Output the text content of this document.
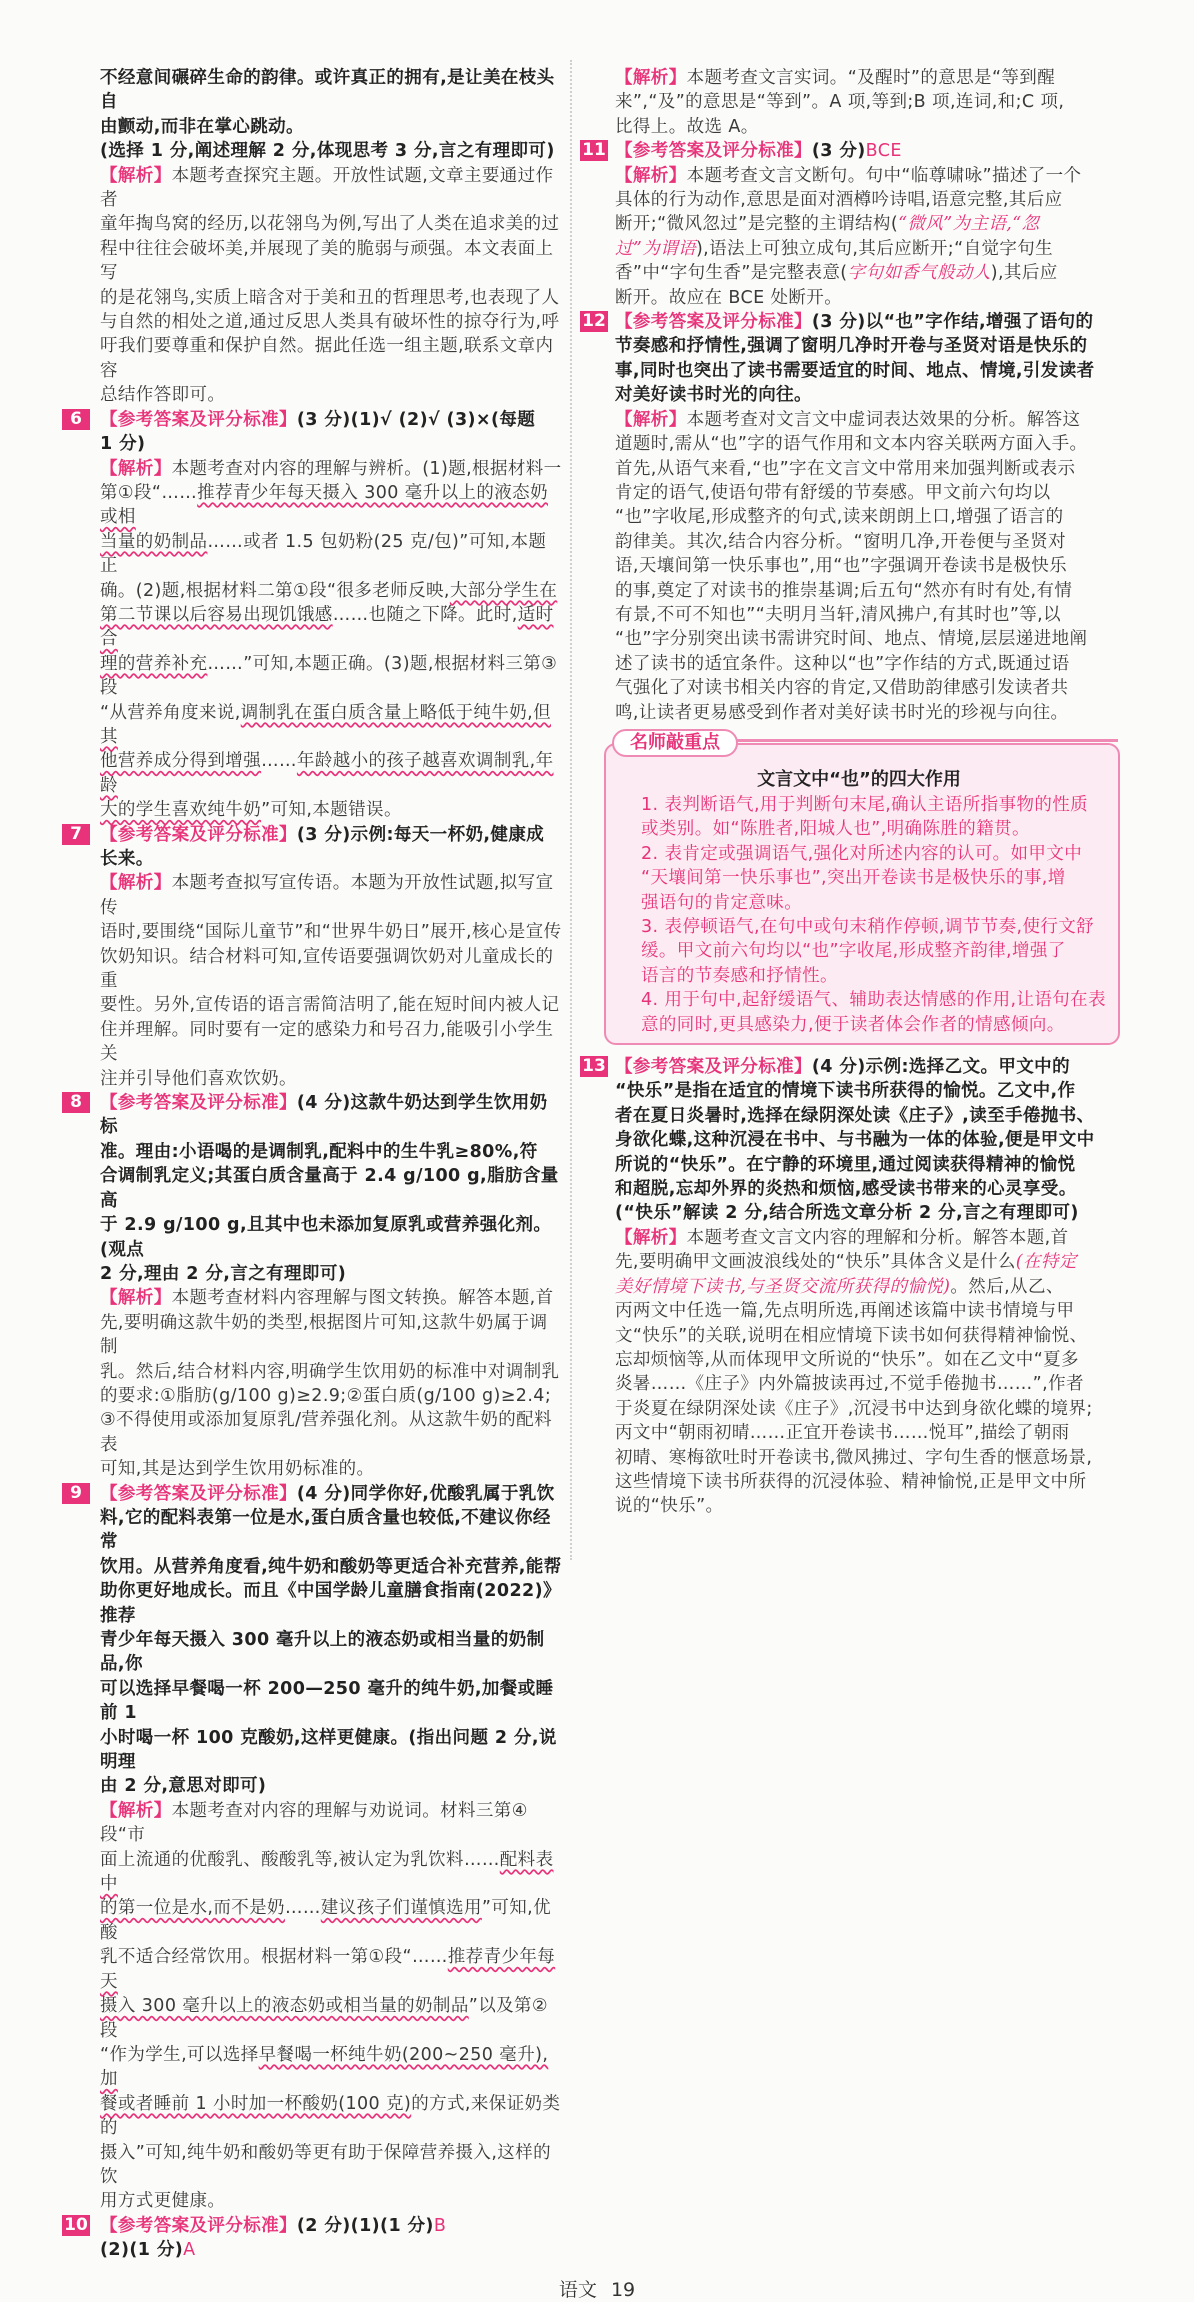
不经意间碾碎生命的韵律。或许真正的拥有,是让美在枝头自
由颤动,而非在掌心跳动。
(选择 1 分,阐述理解 2 分,体现思考 3 分,言之有理即可)
【解析】本题考查探究主题。开放性试题,文章主要通过作者
童年掏鸟窝的经历,以花翎鸟为例,写出了人类在追求美的过
程中往往会破坏美,并展现了美的脆弱与顽强。本文表面上写
的是花翎鸟,实质上暗含对于美和丑的哲理思考,也表现了人
与自然的相处之道,通过反思人类具有破坏性的掠夺行为,呼
吁我们要尊重和保护自然。据此任选一组主题,联系文章内容
总结作答即可。
6	【参考答案及评分标准】(3 分)(1)√ (2)√ (3)×(每题
1 分)
【解析】本题考查对内容的理解与辨析。(1)题,根据材料一
第①段“……推荐青少年每天摄入 300 毫升以上的液态奶或相
当量的奶制品……或者 1.5 包奶粉(25 克/包)”可知,本题正
确。(2)题,根据材料二第①段“很多老师反映,大部分学生在
第二节课以后容易出现饥饿感……也随之下降。此时,适时合
理的营养补充……”可知,本题正确。(3)题,根据材料三第③段
“从营养角度来说,调制乳在蛋白质含量上略低于纯牛奶,但其
他营养成分得到增强……年龄越小的孩子越喜欢调制乳,年龄
大的学生喜欢纯牛奶”可知,本题错误。
7	【参考答案及评分标准】(3 分)示例:每天一杯奶,健康成
长来。
【解析】本题考查拟写宣传语。本题为开放性试题,拟写宣传
语时,要围绕“国际儿童节”和“世界牛奶日”展开,核心是宣传
饮奶知识。结合材料可知,宣传语要强调饮奶对儿童成长的重
要性。另外,宣传语的语言需简洁明了,能在短时间内被人记
住并理解。同时要有一定的感染力和号召力,能吸引小学生关
注并引导他们喜欢饮奶。
8	【参考答案及评分标准】(4 分)这款牛奶达到学生饮用奶标
准。理由:小语喝的是调制乳,配料中的生牛乳≥80%,符
合调制乳定义;其蛋白质含量高于 2.4 g/100 g,脂肪含量高
于 2.9 g/100 g,且其中也未添加复原乳或营养强化剂。(观点
2 分,理由 2 分,言之有理即可)
【解析】本题考查材料内容理解与图文转换。解答本题,首
先,要明确这款牛奶的类型,根据图片可知,这款牛奶属于调制
乳。然后,结合材料内容,明确学生饮用奶的标准中对调制乳
的要求:①脂肪(g/100 g)≥2.9;②蛋白质(g/100 g)≥2.4;
③不得使用或添加复原乳/营养强化剂。从这款牛奶的配料表
可知,其是达到学生饮用奶标准的。
9	【参考答案及评分标准】(4 分)同学你好,优酸乳属于乳饮
料,它的配料表第一位是水,蛋白质含量也较低,不建议你经常
饮用。从营养角度看,纯牛奶和酸奶等更适合补充营养,能帮
助你更好地成长。而且《中国学龄儿童膳食指南(2022)》推荐
青少年每天摄入 300 毫升以上的液态奶或相当量的奶制品,你
可以选择早餐喝一杯 200—250 毫升的纯牛奶,加餐或睡前 1
小时喝一杯 100 克酸奶,这样更健康。(指出问题 2 分,说明理
由 2 分,意思对即可)
【解析】本题考查对内容的理解与劝说词。材料三第④段“市
面上流通的优酸乳、酸酸乳等,被认定为乳饮料……配料表中
的第一位是水,而不是奶……建议孩子们谨慎选用”可知,优酸
乳不适合经常饮用。根据材料一第①段“……推荐青少年每天
摄入 300 毫升以上的液态奶或相当量的奶制品”以及第②段
“作为学生,可以选择早餐喝一杯纯牛奶(200~250 毫升),加
餐或者睡前 1 小时加一杯酸奶(100 克)的方式,来保证奶类的
摄入”可知,纯牛奶和酸奶等更有助于保障营养摄入,这样的饮
用方式更健康。
10 【参考答案及评分标准】(2 分)(1)(1 分)B
(2)(1 分)A
【解析】本题考查文言实词。“及醒时”的意思是“等到醒
来”,“及”的意思是“等到”。A 项,等到;B 项,连词,和;C 项,
比得上。故选 A。
11 【参考答案及评分标准】(3 分)BCE
【解析】本题考查文言文断句。句中“临尊啸咏”描述了一个
具体的行为动作,意思是面对酒樽吟诗唱,语意完整,其后应
断开;“微风忽过”是完整的主谓结构(“微风”为主语,“忽
过”为谓语),语法上可独立成句,其后应断开;“自觉字句生
香”中“字句生香”是完整表意(字句如香气般动人),其后应
断开。故应在 BCE 处断开。
12 【参考答案及评分标准】(3 分)以“也”字作结,增强了语句的
节奏感和抒情性,强调了窗明几净时开卷与圣贤对语是快乐的
事,同时也突出了读书需要适宜的时间、地点、情境,引发读者
对美好读书时光的向往。
【解析】本题考查对文言文中虚词表达效果的分析。解答这
道题时,需从“也”字的语气作用和文本内容关联两方面入手。
首先,从语气来看,“也”字在文言文中常用来加强判断或表示
肯定的语气,使语句带有舒缓的节奏感。甲文前六句均以
“也”字收尾,形成整齐的句式,读来朗朗上口,增强了语言的
韵律美。其次,结合内容分析。“窗明几净,开卷便与圣贤对
语,天壤间第一快乐事也”,用“也”字强调开卷读书是极快乐
的事,奠定了对读书的推崇基调;后五句“然亦有时有处,有情
有景,不可不知也”“夫明月当轩,清风拂户,有其时也”等,以
“也”字分别突出读书需讲究时间、地点、情境,层层递进地阐
述了读书的适宜条件。这种以“也”字作结的方式,既通过语
气强化了对读书相关内容的肯定,又借助韵律感引发读者共
鸣,让读者更易感受到作者对美好读书时光的珍视与向往。
名师敲重点
文言文中“也”的四大作用
1. 表判断语气,用于判断句末尾,确认主语所指事物的性质
或类别。如“陈胜者,阳城人也”,明确陈胜的籍贯。
2. 表肯定或强调语气,强化对所述内容的认可。如甲文中
“天壤间第一快乐事也”,突出开卷读书是极快乐的事,增
强语句的肯定意味。
3. 表停顿语气,在句中或句末稍作停顿,调节节奏,使行文舒
缓。甲文前六句均以“也”字收尾,形成整齐韵律,增强了
语言的节奏感和抒情性。
4. 用于句中,起舒缓语气、辅助表达情感的作用,让语句在表
意的同时,更具感染力,便于读者体会作者的情感倾向。
13 【参考答案及评分标准】(4 分)示例:选择乙文。甲文中的
“快乐”是指在适宜的情境下读书所获得的愉悦。乙文中,作
者在夏日炎暑时,选择在绿阴深处读《庄子》,读至手倦抛书、
身欲化蝶,这种沉浸在书中、与书融为一体的体验,便是甲文中
所说的“快乐”。在宁静的环境里,通过阅读获得精神的愉悦
和超脱,忘却外界的炎热和烦恼,感受读书带来的心灵享受。
(“快乐”解读 2 分,结合所选文章分析 2 分,言之有理即可)
【解析】本题考查文言文内容的理解和分析。解答本题,首
先,要明确甲文画波浪线处的“快乐”具体含义是什么(在特定
美好情境下读书,与圣贤交流所获得的愉悦)。然后,从乙、
丙两文中任选一篇,先点明所选,再阐述该篇中读书情境与甲
文“快乐”的关联,说明在相应情境下读书如何获得精神愉悦、
忘却烦恼等,从而体现甲文所说的“快乐”。如在乙文中“夏多
炎暑……《庄子》内外篇披读再过,不觉手倦抛书……”,作者
于炎夏在绿阴深处读《庄子》,沉浸书中达到身欲化蝶的境界;
丙文中“朝雨初晴……正宜开卷读书……悦耳”,描绘了朝雨
初晴、寒梅欲吐时开卷读书,微风拂过、字句生香的惬意场景,
这些情境下读书所获得的沉浸体验、精神愉悦,正是甲文中所
说的“快乐”。
语文 19
